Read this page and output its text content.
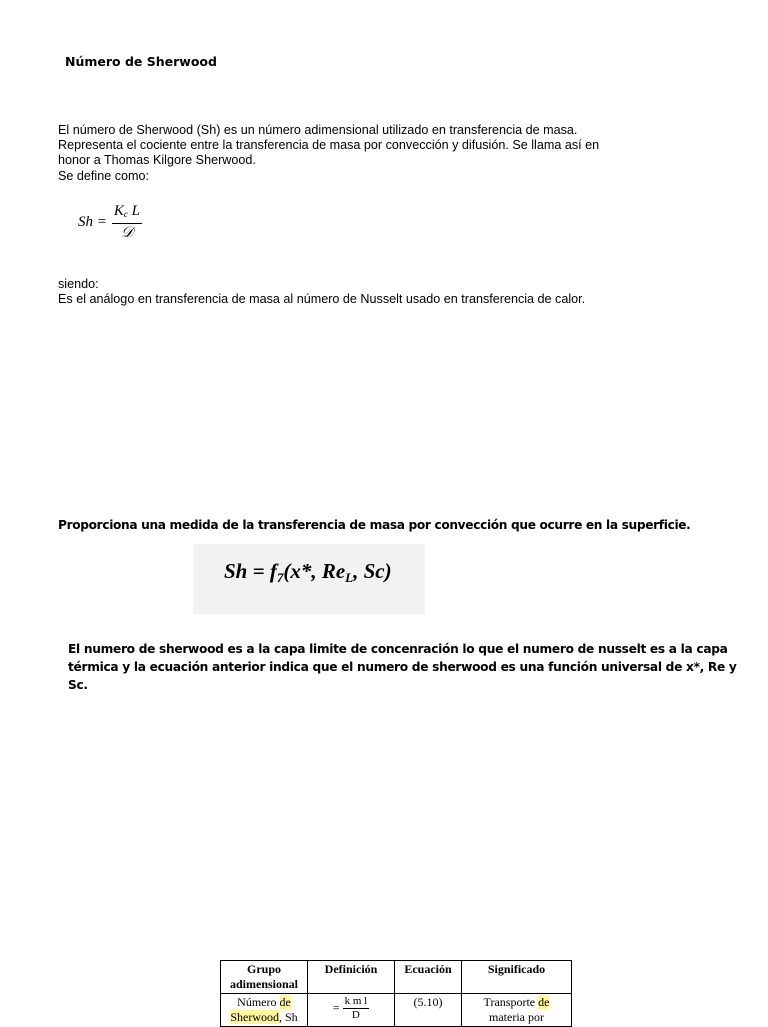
Número de Sherwood
El número de Sherwood (Sh) es un número adimensional utilizado en transferencia de masa.
Representa el cociente entre la transferencia de masa por convección y difusión. Se llama así en
honor a Thomas Kilgore Sherwood.
Se define como:
$Sh = \frac{K_c L}{\text{𝒟}}$
siendo:
Es el análogo en transferencia de masa al número de Nusselt usado en transferencia de calor.
Proporciona una medida de la transferencia de masa por convección que ocurre en la superficie.
Sh = f7(x*, ReL, Sc)
El numero de sherwood es a la capa limite de concenración lo que el numero de nusselt es a la capa
térmica y la ecuación anterior indica que el numero de sherwood es una función universal de x*, Re y
Sc.
Grupo adimensional	Definición	Ecuación	Significado
Número de
Sherwood, Sh	= $\frac{\text{k m l}}{D}$	(5.10)	Transporte de
materia por
